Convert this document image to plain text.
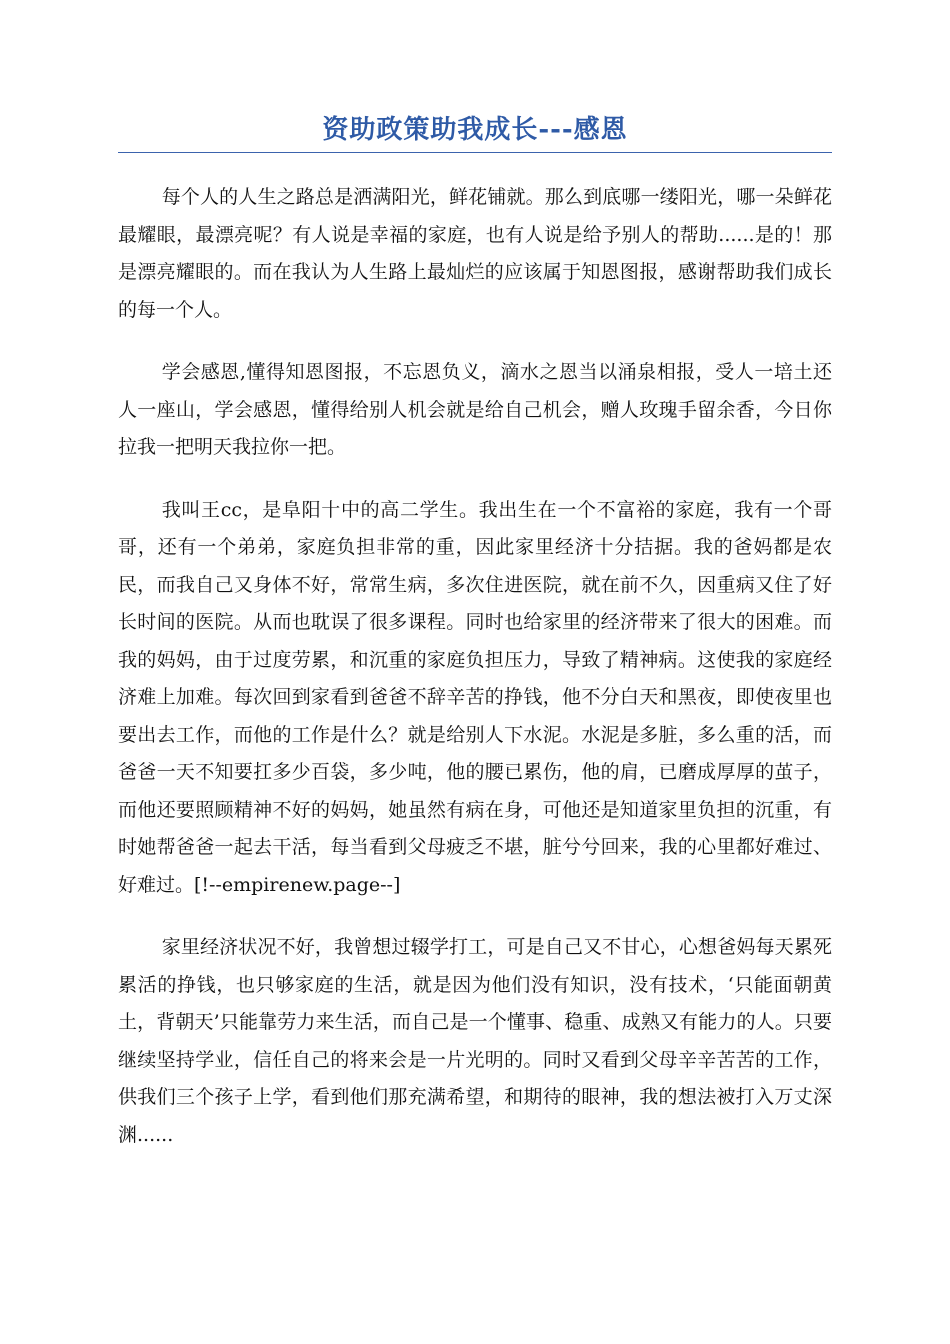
资助政策助我成长---感恩

每个人的人生之路总是洒满阳光，鲜花铺就。那么到底哪一缕阳光，哪一朵鲜花最耀眼，最漂亮呢？有人说是幸福的家庭，也有人说是给予别人的帮助......是的！那是漂亮耀眼的。而在我认为人生路上最灿烂的应该属于知恩图报，感谢帮助我们成长的每一个人。

学会感恩,懂得知恩图报，不忘恩负义，滴水之恩当以涌泉相报，受人一培土还人一座山，学会感恩，懂得给别人机会就是给自己机会，赠人玫瑰手留余香，今日你拉我一把明天我拉你一把。

我叫王cc，是阜阳十中的高二学生。我出生在一个不富裕的家庭，我有一个哥哥，还有一个弟弟，家庭负担非常的重，因此家里经济十分拮据。我的爸妈都是农民，而我自己又身体不好，常常生病，多次住进医院，就在前不久，因重病又住了好长时间的医院。从而也耽误了很多课程。同时也给家里的经济带来了很大的困难。而我的妈妈，由于过度劳累，和沉重的家庭负担压力，导致了精神病。这使我的家庭经济难上加难。每次回到家看到爸爸不辞辛苦的挣钱，他不分白天和黑夜，即使夜里也要出去工作，而他的工作是什么？就是给别人下水泥。水泥是多脏，多么重的活，而爸爸一天不知要扛多少百袋，多少吨，他的腰已累伤，他的肩，已磨成厚厚的茧子，而他还要照顾精神不好的妈妈，她虽然有病在身，可他还是知道家里负担的沉重，有时她帮爸爸一起去干活，每当看到父母疲乏不堪，脏兮兮回来，我的心里都好难过、好难过。[!--empirenew.page--]

家里经济状况不好，我曾想过辍学打工，可是自己又不甘心，心想爸妈每天累死累活的挣钱，也只够家庭的生活，就是因为他们没有知识，没有技术，‘只能面朝黄土，背朝天’只能靠劳力来生活，而自己是一个懂事、稳重、成熟又有能力的人。只要继续坚持学业，信任自己的将来会是一片光明的。同时又看到父母辛辛苦苦的工作，供我们三个孩子上学，看到他们那充满希望，和期待的眼神，我的想法被打入万丈深渊......
